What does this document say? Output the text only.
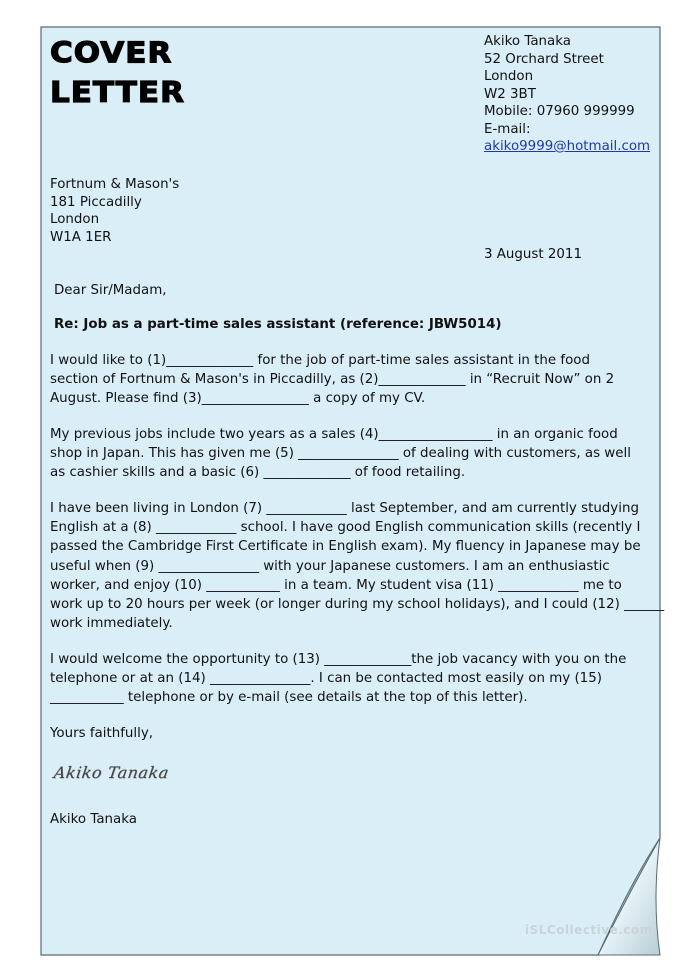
COVER
LETTER
Akiko Tanaka
52 Orchard Street
London
W2 3BT
Mobile: 07960 999999
E-mail:
akiko9999@hotmail.com
Fortnum & Mason's
181 Piccadilly
London
W1A 1ER
3 August 2011
Dear Sir/Madam,
Re: Job as a part-time sales assistant (reference: JBW5014)
I would like to (1)_____________ for the job of part-time sales assistant in the food
section of Fortnum & Mason's in Piccadilly, as (2)_____________ in “Recruit Now” on 2
August. Please find (3)________________ a copy of my CV.
My previous jobs include two years as a sales (4)_________________ in an organic food
shop in Japan. This has given me (5) _______________ of dealing with customers, as well
as cashier skills and a basic (6) _____________ of food retailing.
I have been living in London (7) ____________ last September, and am currently studying
English at a (8) ____________ school. I have good English communication skills (recently I
passed the Cambridge First Certificate in English exam). My fluency in Japanese may be
useful when (9) _______________ with your Japanese customers. I am an enthusiastic
worker, and enjoy (10) ___________ in a team. My student visa (11) ____________ me to
work up to 20 hours per week (or longer during my school holidays), and I could (12) ______
work immediately.
I would welcome the opportunity to (13) _____________the job vacancy with you on the
telephone or at an (14) _______________. I can be contacted most easily on my (15)
___________ telephone or by e-mail (see details at the top of this letter).
Yours faithfully,
Akiko Tanaka
Akiko Tanaka
iSLCollective.com
